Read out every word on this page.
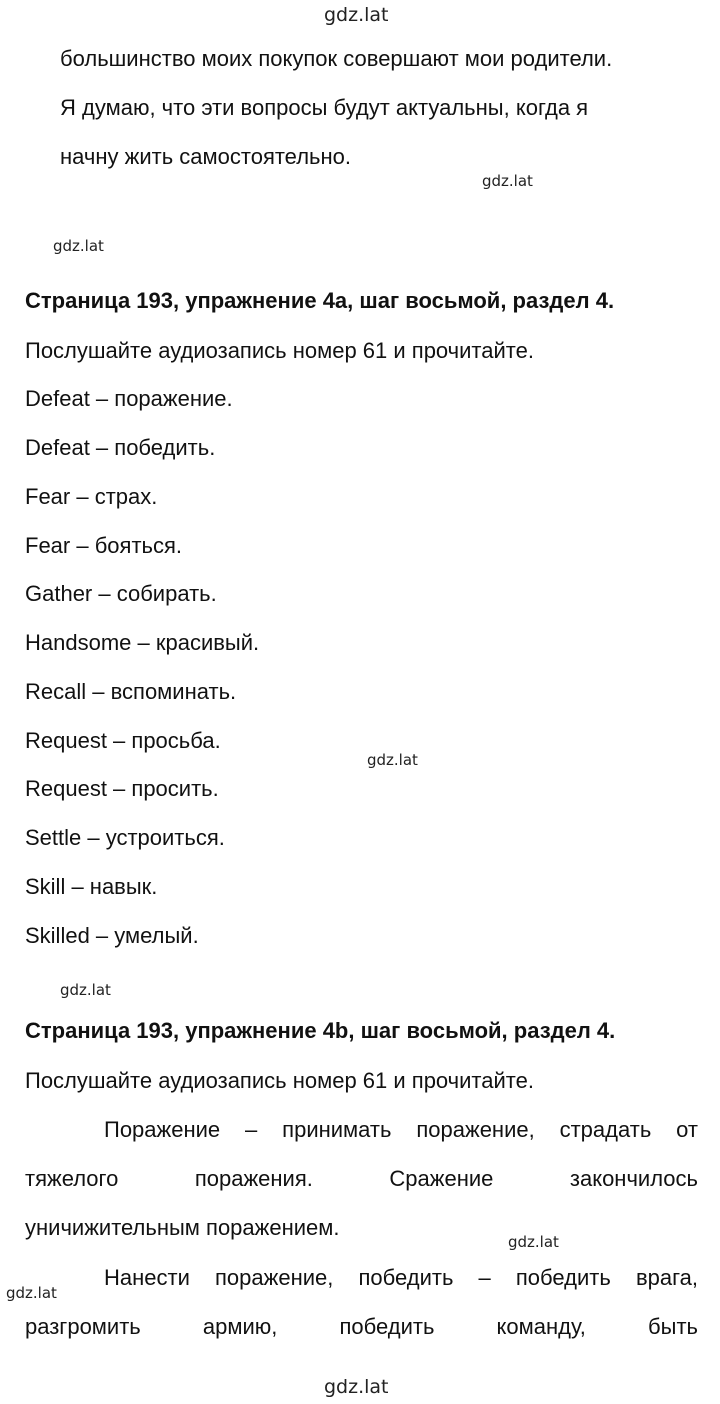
gdz.lat
gdz.lat
gdz.lat
gdz.lat
gdz.lat
gdz.lat
gdz.lat
gdz.lat
большинство моих покупок совершают мои родители.
Я думаю, что эти вопросы будут актуальны, когда я
начну жить самостоятельно.
Страница 193, упражнение 4a, шаг восьмой, раздел 4.
Послушайте аудиозапись номер 61 и прочитайте.
Defeat – поражение.
Defeat – победить.
Fear – страх.
Fear – бояться.
Gather – собирать.
Handsome – красивый.
Recall – вспоминать.
Request – просьба.
Request – просить.
Settle – устроиться.
Skill – навык.
Skilled – умелый.
Страница 193, упражнение 4b, шаг восьмой, раздел 4.
Послушайте аудиозапись номер 61 и прочитайте.
Поражение – принимать поражение, страдать от
тяжелого поражения. Сражение закончилось
уничижительным поражением.
Нанести поражение, победить – победить врага,
разгромить армию, победить команду, быть
